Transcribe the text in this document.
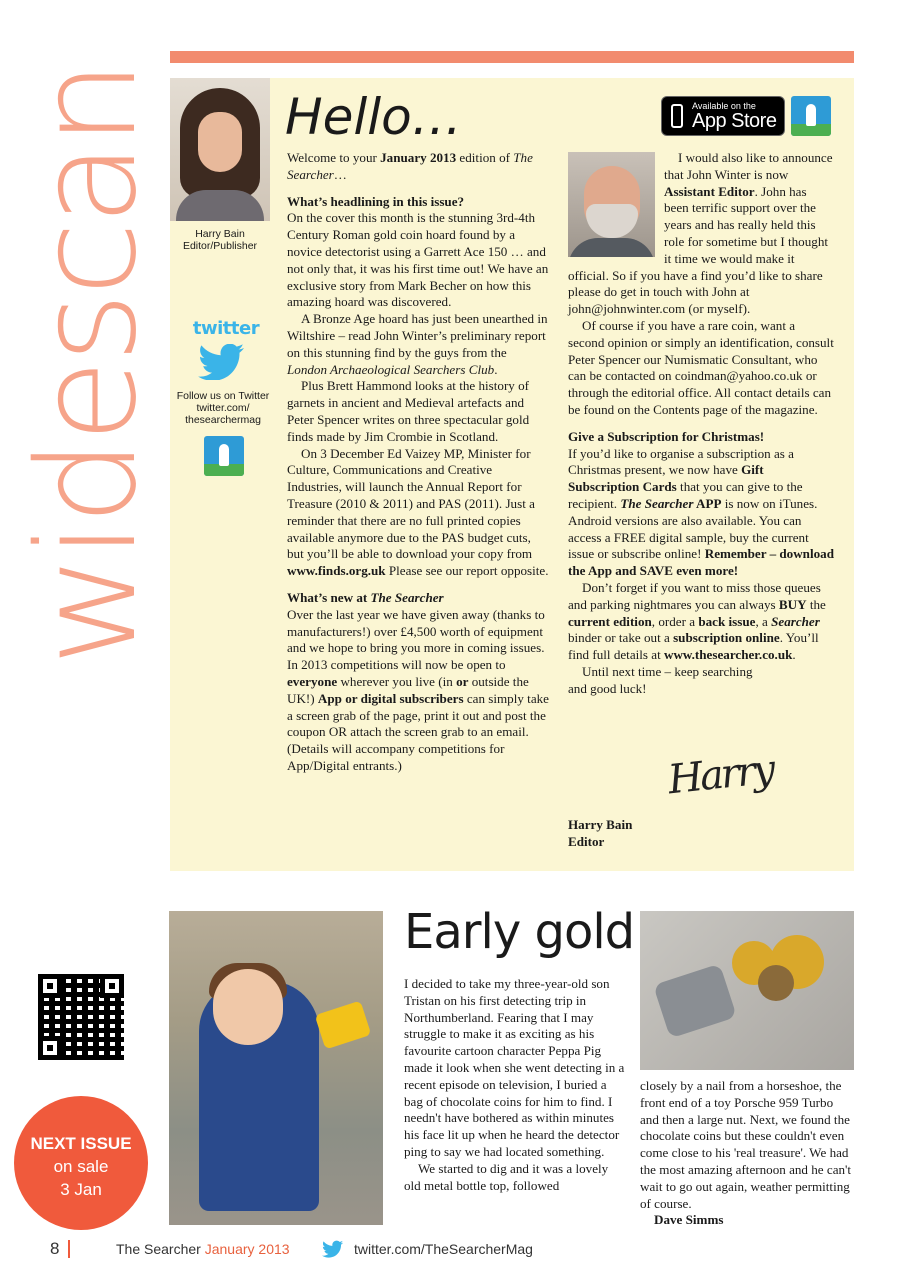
widescan	Harry Bain
Editor/Publisher
twitter
Follow us on Twitter
twitter.com/
thesearchermag
Available on the
App Store
Hello…

Welcome to your January 2013 edition of The Searcher…

What’s headlining in this issue?

On the cover this month is the stunning 3rd-4th Century Roman gold coin hoard found by a novice detectorist using a Garrett Ace 150 … and not only that, it was his first time out! We have an exclusive story from Mark Becher on how this amazing hoard was discovered.

A Bronze Age hoard has just been unearthed in Wiltshire – read John Winter’s preliminary report on this stunning find by the guys from the London Archaeological Searchers Club.

Plus Brett Hammond looks at the history of garnets in ancient and Medieval artefacts and Peter Spencer writes on three spectacular gold finds made by Jim Crombie in Scotland.

On 3 December Ed Vaizey MP, Minister for Culture, Communications and Creative Industries, will launch the Annual Report for Treasure (2010 & 2011) and PAS (2011). Just a reminder that there are no full printed copies available anymore due to the PAS budget cuts, but you’ll be able to download your copy from www.finds.org.uk Please see our report opposite.

What’s new at The Searcher

Over the last year we have given away (thanks to manufacturers!) over £4,500 worth of equipment and we hope to bring you more in coming issues. In 2013 competitions will now be open to everyone wherever you live (in or outside the UK!) App or digital subscribers can simply take a screen grab of the page, print it out and post the coupon OR attach the screen grab to an email. (Details will accompany competitions for App/Digital entrants.)

I would also like to announce that John Winter is now Assistant Editor. John has been terrific support over the years and has really held this role for sometime but I thought it time we would make it official. So if you have a find you’d like to share please do get in touch with John at john@johnwinter.com (or myself).

Of course if you have a rare coin, want a second opinion or simply an identification, consult Peter Spencer our Numismatic Consultant, who can be contacted on coindman@yahoo.co.uk or through the editorial office. All contact details can be found on the Contents page of the magazine.

Give a Subscription for Christmas!

If you’d like to organise a subscription as a Christmas present, we now have Gift Subscription Cards that you can give to the recipient. The Searcher APP is now on iTunes. Android versions are also available. You can access a FREE digital sample, buy the current issue or subscribe online! Remember – download the App and SAVE even more!

Don’t forget if you want to miss those queues and parking nightmares you can always BUY the current edition, order a back issue, a Searcher binder or take out a subscription online. You’ll find full details at www.thesearcher.co.uk.

Until next time – keep searching

and good luck!

Harry

Harry Bain

Editor

Early gold

I decided to take my three-year-old son Tristan on his first detecting trip in Northumberland. Fearing that I may struggle to make it as exciting as his favourite cartoon character Peppa Pig made it look when she went detecting in a recent episode on television, I buried a bag of chocolate coins for him to find. I needn't have bothered as within minutes his face lit up when he heard the detector ping to say we had located something.

We started to dig and it was a lovely old metal bottle top, followed

closely by a nail from a horseshoe, the front end of a toy Porsche 959 Turbo and then a large nut. Next, we found the chocolate coins but these couldn't even come close to his 'real treasure'. We had the most amazing afternoon and he can't wait to go out again, weather permitting of course.

Dave Simms

NEXT ISSUE
on sale
3 Jan
8	The Searcher January 2013	twitter.com/TheSearcherMag
